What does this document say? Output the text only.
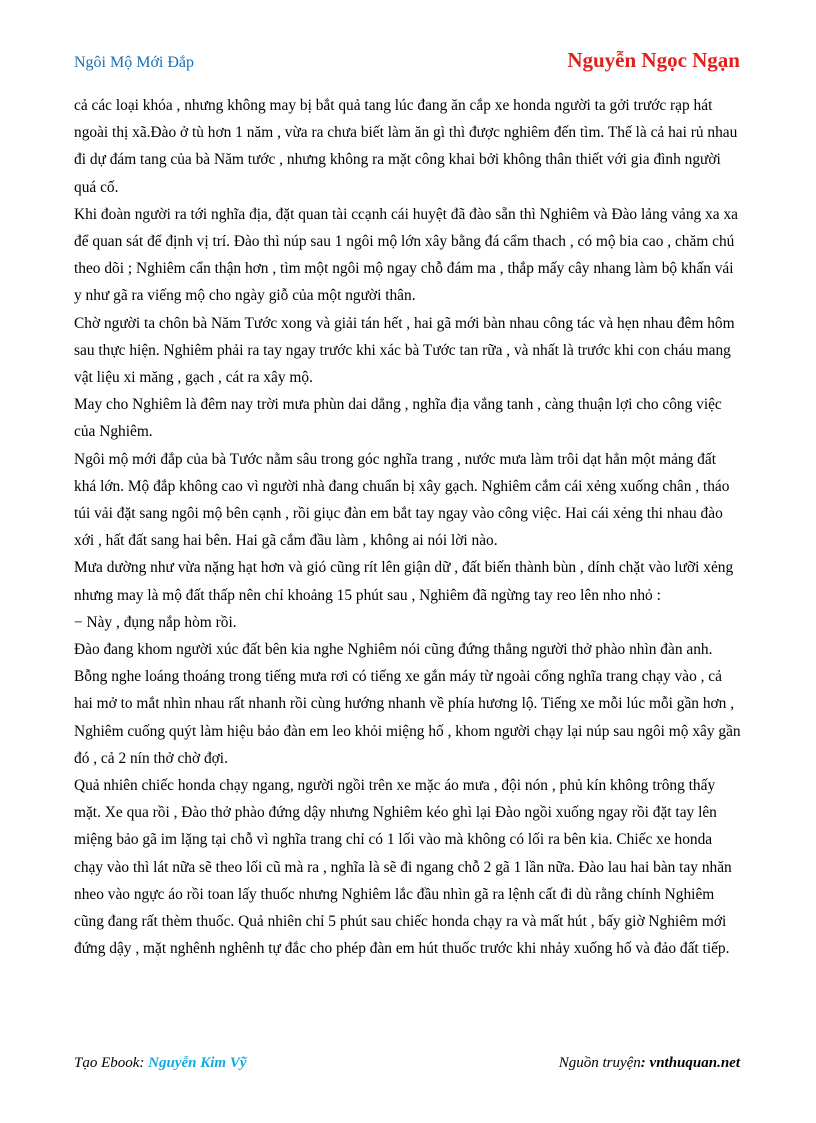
Ngôi Mộ Mới Đắp	Nguyễn Ngọc Ngạn

cả các loại khóa , nhưng không may bị bắt quả tang lúc đang ăn cắp xe honda người ta gởi trước rạp hát ngoài thị xã.Đào ở tù hơn 1 năm , vừa ra chưa biết làm ăn gì thì được nghiêm đến tìm. Thế là cả hai rủ nhau đi dự đám tang của bà Năm tước , nhưng không ra mặt công khai bởi không thân thiết với gia đình người quá cố.

Khi đoàn người ra tới nghĩa địa, đặt quan tài ccạnh cái huyệt đã đào sẵn thì Nghiêm và Đào lảng vảng xa xa để quan sát để định vị trí. Đào thì núp sau 1 ngôi mộ lớn xây bằng đá cẩm thach , có mộ bia cao , chăm chú theo dõi ; Nghiêm cẩn thận hơn , tìm một ngôi mộ ngay chỗ đám ma , thắp mấy cây nhang làm bộ khấn vái y như gã ra viếng mộ cho ngày giỗ của một người thân.

Chờ người ta chôn bà Năm Tước xong và giải tán hết , hai gã mới bàn nhau công tác và hẹn nhau đêm hôm sau thực hiện. Nghiêm phải ra tay ngay trước khi xác bà Tước tan rữa , và nhất là trước khi con cháu mang vật liệu xi măng , gạch , cát ra xây mộ.

May cho Nghiêm là đêm nay trời mưa phùn dai dẳng , nghĩa địa vắng tanh , càng thuận lợi cho công việc của Nghiêm.

Ngôi mộ mới đắp của bà Tước nằm sâu trong góc nghĩa trang , nước mưa làm trôi dạt hẳn một mảng đất khá lớn. Mộ đắp không cao vì người nhà đang chuẩn bị xây gạch. Nghiêm cắm cái xẻng xuống chân , tháo túi vải đặt sang ngôi mộ bên cạnh , rồi giục đàn em bắt tay ngay vào công việc. Hai cái xẻng thi nhau đào xới , hất đất sang hai bên. Hai gã cắm đầu làm , không ai nói lời nào.

Mưa dường như vừa nặng hạt hơn và gió cũng rít lên giận dữ , đất biến thành bùn , dính chặt vào lưỡi xẻng nhưng may là mộ đất thấp nên chỉ khoảng 15 phút sau , Nghiêm đã ngừng tay reo lên nho nhỏ :

− Này , đụng nắp hòm rồi.

Đào đang khom người xúc đất bên kia nghe Nghiêm nói cũng đứng thẳng người thở phào nhìn đàn anh. Bỗng nghe loáng thoáng trong tiếng mưa rơi có tiếng xe gắn máy từ ngoài cổng nghĩa trang chạy vào , cả hai mở to mắt nhìn nhau rất nhanh rồi cùng hướng nhanh về phía hương lộ. Tiếng xe mỗi lúc mỗi gần hơn , Nghiêm cuống quýt làm hiệu bảo đàn em leo khỏi miệng hố , khom người chạy lại núp sau ngôi mộ xây gần đó , cả 2 nín thở chờ đợi.

Quả nhiên chiếc honda chạy ngang, người ngồi trên xe mặc áo mưa , đội nón , phủ kín không trông thấy mặt. Xe qua rồi , Đào thở phào đứng dậy nhưng Nghiêm kéo ghì lại Đào ngồi xuống ngay rồi đặt tay lên miệng bảo gã im lặng tại chỗ vì nghĩa trang chỉ có 1 lối vào mà không có lối ra bên kia. Chiếc xe honda chạy vào thì lát nữa sẽ theo lối cũ mà ra , nghĩa là sẽ đi ngang chỗ 2 gã 1 lần nữa. Đào lau hai bàn tay nhăn nheo vào ngực áo rồi toan lấy thuốc nhưng Nghiêm lắc đầu nhìn gã ra lệnh cất đi dù rằng chính Nghiêm cũng đang rất thèm thuốc. Quả nhiên chỉ 5 phút sau chiếc honda chạy ra và mất hút , bấy giờ Nghiêm mới đứng dậy , mặt nghênh nghênh tự đắc cho phép đàn em hút thuốc trước khi nhảy xuống hố và đảo đất tiếp.

Tạo Ebook: Nguyễn Kim Vỹ	Nguồn truyện: vnthuquan.net
